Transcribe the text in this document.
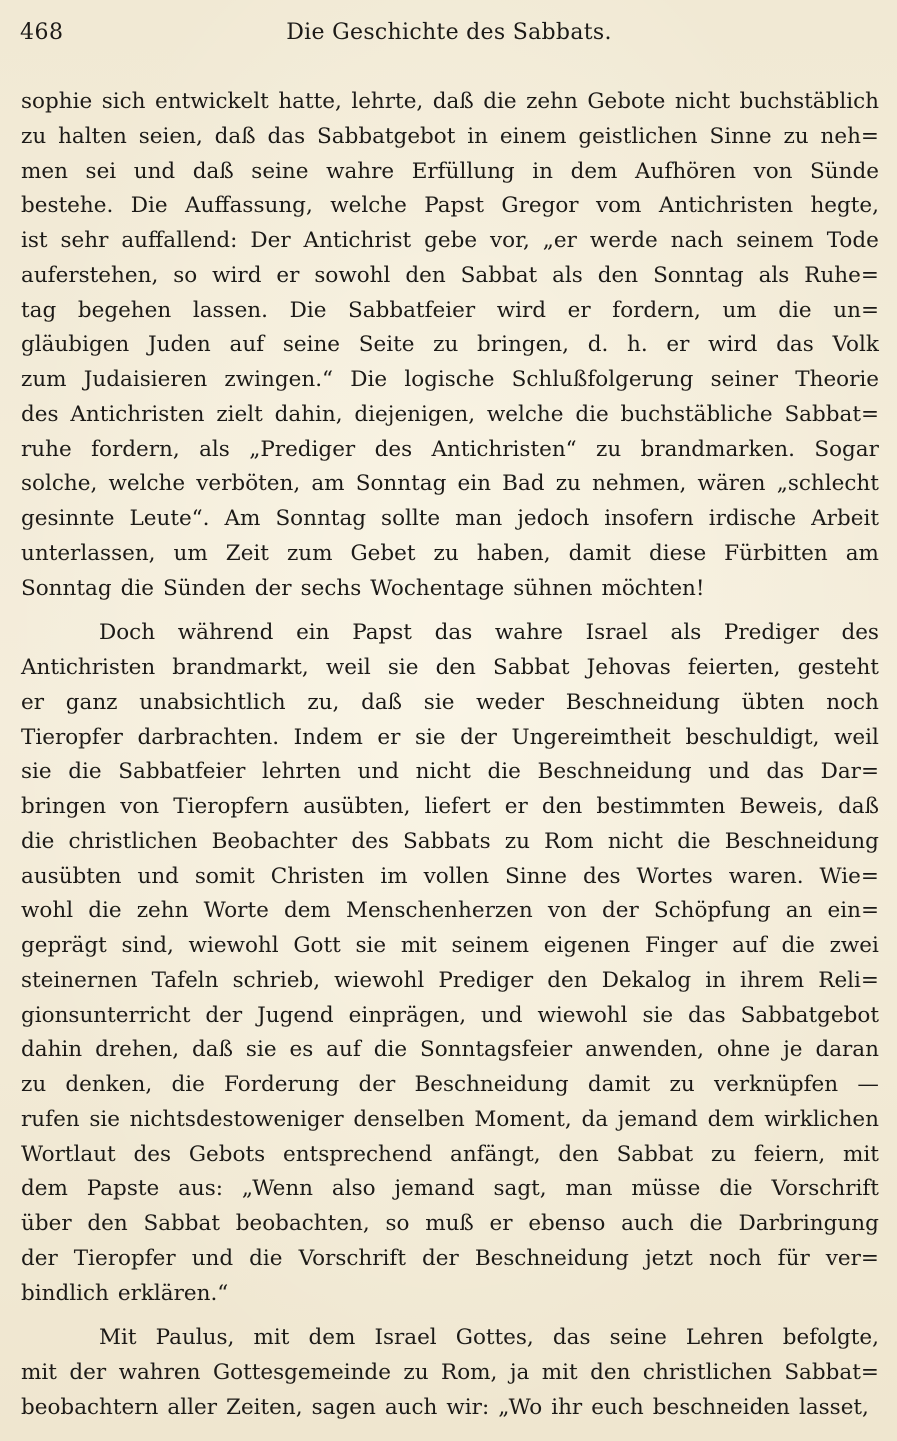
468	Die Geschichte des Sabbats.
sophie sich entwickelt hatte, lehrte, daß die zehn Gebote nicht buchstäblich
zu halten seien, daß das Sabbatgebot in einem geistlichen Sinne zu neh=
men sei und daß seine wahre Erfüllung in dem Aufhören von Sünde
bestehe. Die Auffassung, welche Papst Gregor vom Antichristen hegte,
ist sehr auffallend: Der Antichrist gebe vor, „er werde nach seinem Tode
auferstehen, so wird er sowohl den Sabbat als den Sonntag als Ruhe=
tag begehen lassen. Die Sabbatfeier wird er fordern, um die un=
gläubigen Juden auf seine Seite zu bringen, d. h. er wird das Volk
zum Judaisieren zwingen.“ Die logische Schlußfolgerung seiner Theorie
des Antichristen zielt dahin, diejenigen, welche die buchstäbliche Sabbat=
ruhe fordern, als „Prediger des Antichristen“ zu brandmarken. Sogar
solche, welche verböten, am Sonntag ein Bad zu nehmen, wären „schlecht
gesinnte Leute“. Am Sonntag sollte man jedoch insofern irdische Arbeit
unterlassen, um Zeit zum Gebet zu haben, damit diese Fürbitten am
Sonntag die Sünden der sechs Wochentage sühnen möchten!
Doch während ein Papst das wahre Israel als Prediger des
Antichristen brandmarkt, weil sie den Sabbat Jehovas feierten, gesteht
er ganz unabsichtlich zu, daß sie weder Beschneidung übten noch
Tieropfer darbrachten. Indem er sie der Ungereimtheit beschuldigt, weil
sie die Sabbatfeier lehrten und nicht die Beschneidung und das Dar=
bringen von Tieropfern ausübten, liefert er den bestimmten Beweis, daß
die christlichen Beobachter des Sabbats zu Rom nicht die Beschneidung
ausübten und somit Christen im vollen Sinne des Wortes waren. Wie=
wohl die zehn Worte dem Menschenherzen von der Schöpfung an ein=
geprägt sind, wiewohl Gott sie mit seinem eigenen Finger auf die zwei
steinernen Tafeln schrieb, wiewohl Prediger den Dekalog in ihrem Reli=
gionsunterricht der Jugend einprägen, und wiewohl sie das Sabbatgebot
dahin drehen, daß sie es auf die Sonntagsfeier anwenden, ohne je daran
zu denken, die Forderung der Beschneidung damit zu verknüpfen —
rufen sie nichtsdestoweniger denselben Moment, da jemand dem wirklichen
Wortlaut des Gebots entsprechend anfängt, den Sabbat zu feiern, mit
dem Papste aus: „Wenn also jemand sagt, man müsse die Vorschrift
über den Sabbat beobachten, so muß er ebenso auch die Darbringung
der Tieropfer und die Vorschrift der Beschneidung jetzt noch für ver=
bindlich erklären.“
Mit Paulus, mit dem Israel Gottes, das seine Lehren befolgte,
mit der wahren Gottesgemeinde zu Rom, ja mit den christlichen Sabbat=
beobachtern aller Zeiten, sagen auch wir: „Wo ihr euch beschneiden lasset,
